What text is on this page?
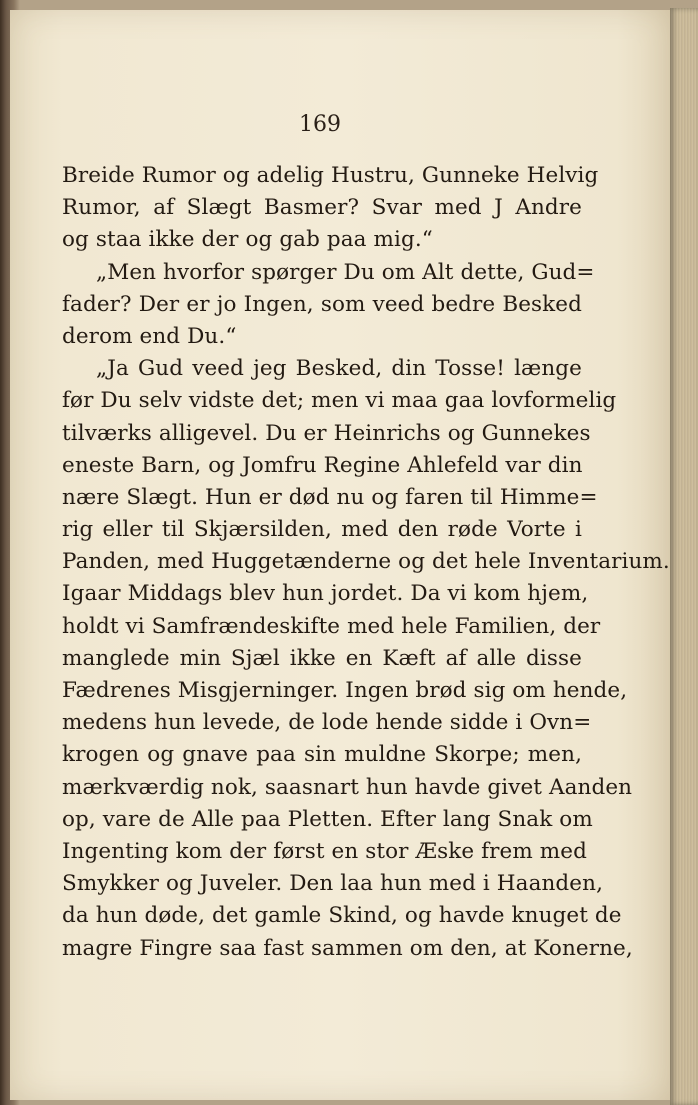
169
Breide Rumor og adelig Hustru, Gunneke Helvig
Rumor, af Slægt Basmer? Svar med J Andre
og staa ikke der og gab paa mig.“
„Men hvorfor spørger Du om Alt dette, Gud=
fader? Der er jo Ingen, som veed bedre Besked
derom end Du.“
„Ja Gud veed jeg Besked, din Tosse! længe
før Du selv vidste det; men vi maa gaa lovformelig
tilværks alligevel. Du er Heinrichs og Gunnekes
eneste Barn, og Jomfru Regine Ahlefeld var din
nære Slægt. Hun er død nu og faren til Himme=
rig eller til Skjærsilden, med den røde Vorte i
Panden, med Huggetænderne og det hele Inventarium.
Igaar Middags blev hun jordet. Da vi kom hjem,
holdt vi Samfrændeskifte med hele Familien, der
manglede min Sjæl ikke en Kæft af alle disse
Fædrenes Misgjerninger. Ingen brød sig om hende,
medens hun levede, de lode hende sidde i Ovn=
krogen og gnave paa sin muldne Skorpe; men,
mærkværdig nok, saasnart hun havde givet Aanden
op, vare de Alle paa Pletten. Efter lang Snak om
Ingenting kom der først en stor Æske frem med
Smykker og Juveler. Den laa hun med i Haanden,
da hun døde, det gamle Skind, og havde knuget de
magre Fingre saa fast sammen om den, at Konerne,
